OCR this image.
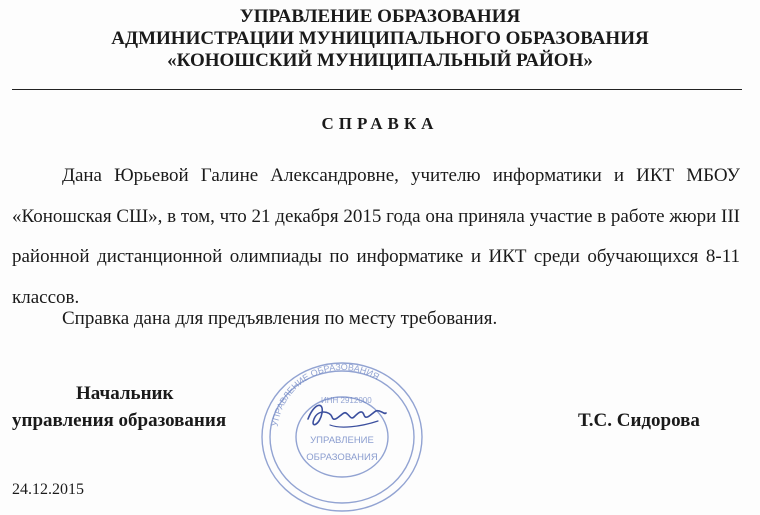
УПРАВЛЕНИЕ ОБРАЗОВАНИЯ
АДМИНИСТРАЦИИ МУНИЦИПАЛЬНОГО ОБРАЗОВАНИЯ
«КОНОШСКИЙ МУНИЦИПАЛЬНЫЙ РАЙОН»
СПРАВКА

Дана Юрьевой Галине Александровне, учителю информатики и ИКТ МБОУ «Коношская СШ», в том, что 21 декабря 2015 года она приняла участие в работе жюри III районной дистанционной олимпиады по информатике и ИКТ среди обучающихся 8-11 классов.

Справка дана для предъявления по месту требования.

УПРАВЛЕНИЕ ОБРАЗОВАНИЯ
ИНН 2912000
УПРАВЛЕНИЕ
ОБРАЗОВАНИЯ
Начальник
управления образования	Т.С. Сидорова
24.12.2015
